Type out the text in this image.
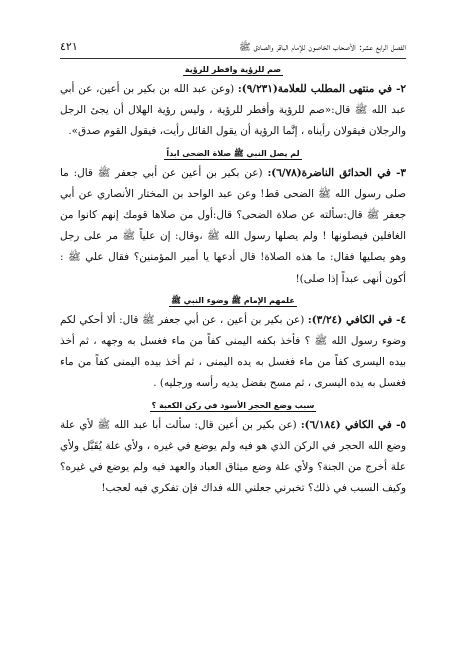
الفصل الرابع عشر: الأصحاب الخاصون للإمام الباقر والصادق ﷺ
٤٢١
صم للرؤية وافطر للرؤية

٢- في منتهى المطلب للعلامة(٩/٢٣١): (وعن عبد الله بن بكير بن أعين، عن أبي عبد الله ﷺ قال:«صم للرؤية وأفطر للرؤية ، وليس رؤية الهلال أن يجئ الرجل والرجلان فيقولان رأيناه ، إنَّما الرؤية أن يقول القائل رأيت، فيقول القوم صدق».

لم يصل النبي ﷺ صلاة الضحى ابداً

٣- في الحدائق الناضرة(٦/٧٨): (عن بكير بن أعين عن أبي جعفر ﷺ قال: ما صلى رسول الله ﷺ الضحى قط! وعن عبد الواحد بن المختار الأنصاري عن أبي جعفر ﷺ قال:سألته عن صلاة الضحى؟ قال:أول من صلاها قومك إنهم كانوا من الغافلين فيصلونها ! ولم يصلها رسول الله ﷺ ،وقال: إن علياً ﷺ مر على رجل وهو يصليها فقال: ما هذه الصلاة! قال أدعها يا أمير المؤمنين؟ فقال علي ﷺ : أكون أنهى عبداً إذا صلى)!

علمهم الإمام ﷺ وضوء النبي ﷺ

٤- في الكافي (٣/٢٤): (عن بكير بن أعين ، عن أبي جعفر ﷺ قال: ألا أحكي لكم وضوء رسول الله ﷺ ؟ فأخذ بكفه اليمنى كفاً من ماء فغسل به وجهه ، ثم أخذ بيده اليسرى كفاً من ماء فغسل به يده اليمنى ، ثم أخذ بيده اليمنى كفاً من ماء فغسل به يده اليسرى ، ثم مسح بفضل يديه رأسه ورجليه) .

سبب وضع الحجر الأسود في ركن الكعبة ؟

٥- في الكافي (٦/١٨٤): (عن بكير بن أعين قال: سألت أبا عبد الله ﷺ لأي علة وضع الله الحجر في الركن الذي هو فيه ولم يوضع في غيره ، ولأي علة يُقَبَّل ولأي علة أخرج من الجنة؟ ولأي علة وضع ميثاق العباد والعهد فيه ولم يوضع في غيره؟ وكيف السبب في ذلك؟ تخبرني جعلني الله فداك فإن تفكري فيه لعجب!
